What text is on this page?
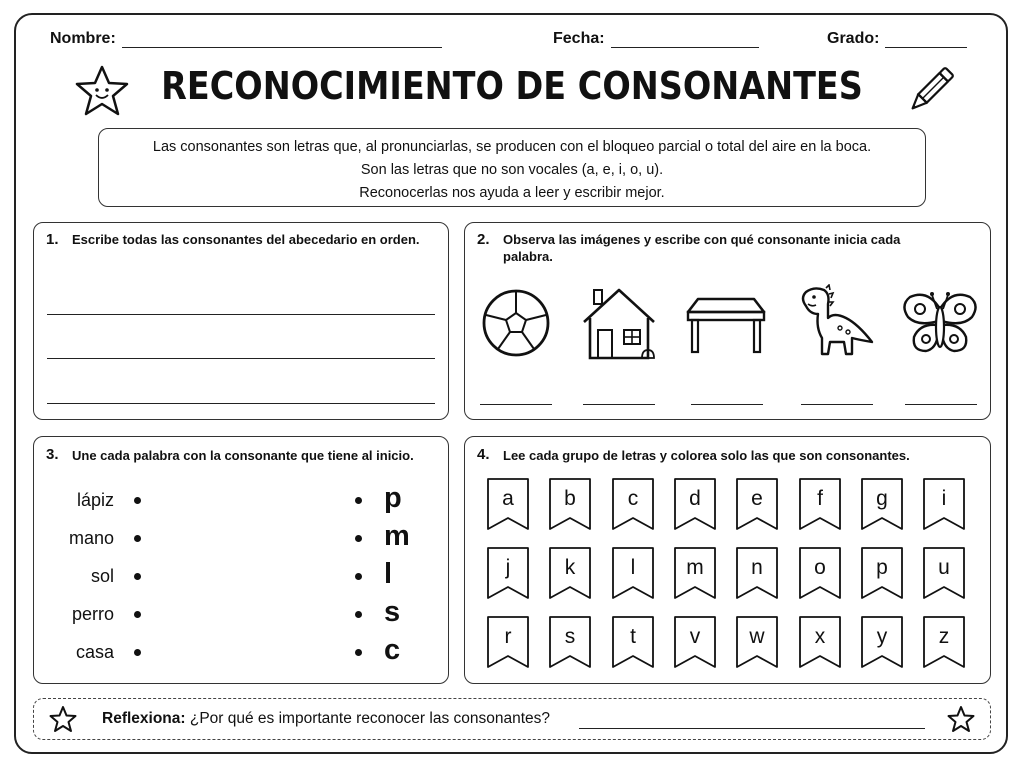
Nombre:	Fecha:	Grado:
RECONOCIMIENTO DE CONSONANTES
Las consonantes son letras que, al pronunciarlas, se producen con el bloqueo parcial o total del aire en la boca.
Son las letras que no son vocales (a, e, i, o, u).
Reconocerlas nos ayuda a leer y escribir mejor.
1. Escribe todas las consonantes del abecedario en orden.	2. Observa las imágenes y escribe con qué consonante inicia cada palabra.
3. Une cada palabra con la consonante que tiene al inicio.
lápiz
mano
sol
perro
casa
p
m
l
s
c
4. Lee cada grupo de letras y colorea solo las que son consonantes.
a	b	c	d	e	f	g	i
j	k	l	m	n	o	p	u
r	s	t	v	w	x	y	z
Reflexiona: ¿Por qué es importante reconocer las consonantes?
